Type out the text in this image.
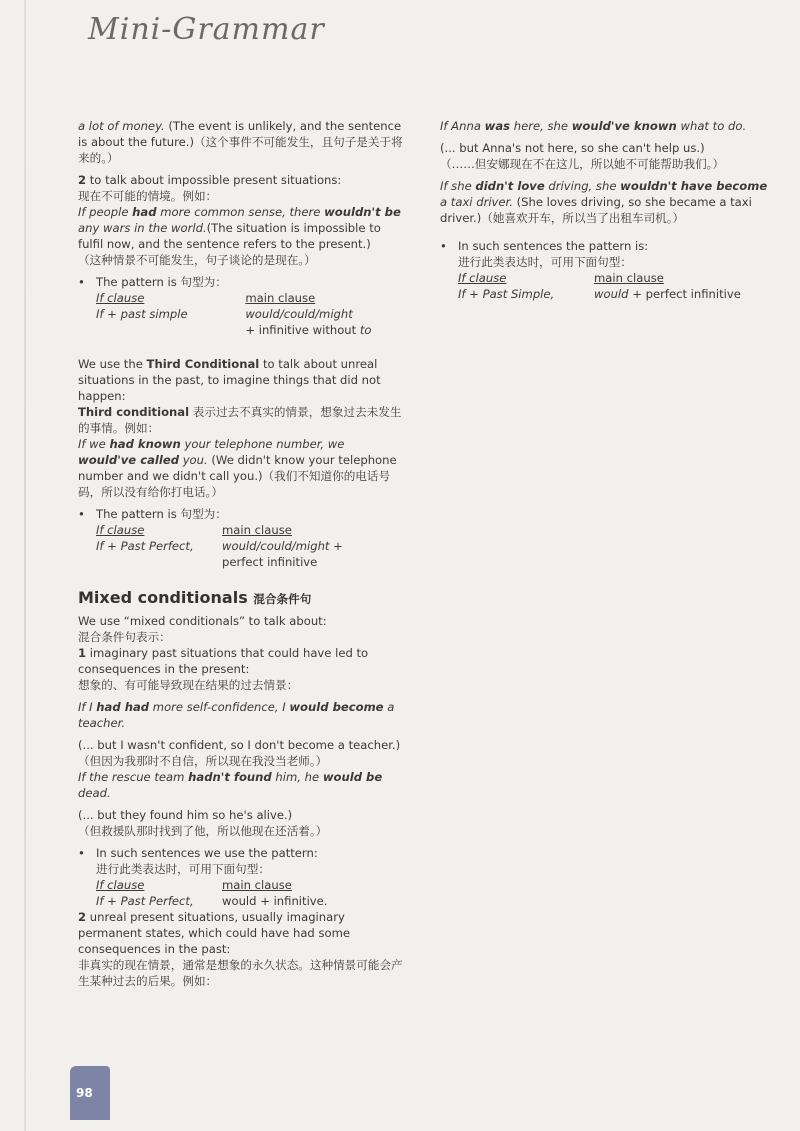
Mini-Grammar

a lot of money. (The event is unlikely, and the sentence is about the future.)（这个事件不可能发生，且句子是关于将来的。）

2 to talk about impossible present situations:

现在不可能的情境。例如：

If people had more common sense, there wouldn't be any wars in the world.(The situation is impossible to fulfil now, and the sentence refers to the present.)

（这种情景不可能发生，句子谈论的是现在。）

• The pattern is 句型为：
If clause
If + past simple
main clause
would/could/might
+ infinitive without to

We use the Third Conditional to talk about unreal situations in the past, to imagine things that did not happen:

Third conditional 表示过去不真实的情景，想象过去未发生的事情。例如：

If we had known your telephone number, we would've called you. (We didn't know your telephone number and we didn't call you.)（我们不知道你的电话号码，所以没有给你打电话。）

• The pattern is 句型为：
If clause
If + Past Perfect,
main clause
would/could/might +
perfect infinitive
Mixed conditionals 混合条件句

We use “mixed conditionals” to talk about:

混合条件句表示：

1 imaginary past situations that could have led to consequences in the present:

想象的、有可能导致现在结果的过去情景：

If I had had more self-confidence, I would become a teacher.

(... but I wasn't confident, so I don't become a teacher.)

（但因为我那时不自信，所以现在我没当老师。）

If the rescue team hadn't found him, he would be dead.

(... but they found him so he's alive.)

（但救援队那时找到了他，所以他现在还活着。）

• In such sentences we use the pattern:
进行此类表达时，可用下面句型：
If clause
If + Past Perfect,
main clause
would + infinitive.

2 unreal present situations, usually imaginary permanent states, which could have had some consequences in the past:

非真实的现在情景，通常是想象的永久状态。这种情景可能会产生某种过去的后果。例如：

If Anna was here, she would've known what to do.

(... but Anna's not here, so she can't help us.)

（……但安娜现在不在这儿，所以她不可能帮助我们。）

If she didn't love driving, she wouldn't have become a taxi driver. (She loves driving, so she became a taxi driver.)（她喜欢开车，所以当了出租车司机。）

• In such sentences the pattern is:
进行此类表达时，可用下面句型：
If clause
If + Past Simple,
main clause
would + perfect infinitive
98
